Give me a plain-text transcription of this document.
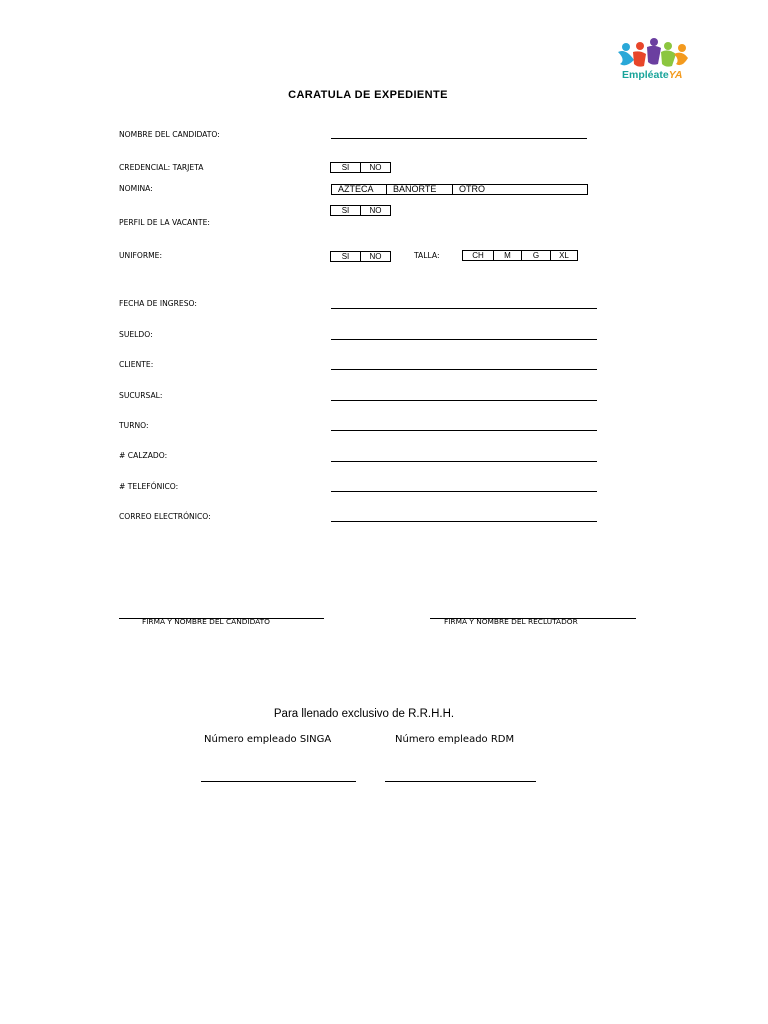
EmpléateYA
CARATULA DE EXPEDIENTE
NOMBRE DEL CANDIDATO:
CREDENCIAL: TARJETA	SI	NO
NOMINA:	AZTECA	BANORTE	OTRO
SI	NO
PERFIL DE LA VACANTE:
UNIFORME:	SI	NO	TALLA:	CH	M	G	XL
FECHA DE INGRESO:
SUELDO:
CLIENTE:
SUCURSAL:
TURNO:
# CALZADO:
# TELEFÓNICO:
CORREO ELECTRÓNICO:
FIRMA Y NOMBRE DEL CANDIDATO	FIRMA Y NOMBRE DEL RECLUTADOR
Para llenado exclusivo de R.R.H.H.
Número empleado SINGA	Número empleado RDM
